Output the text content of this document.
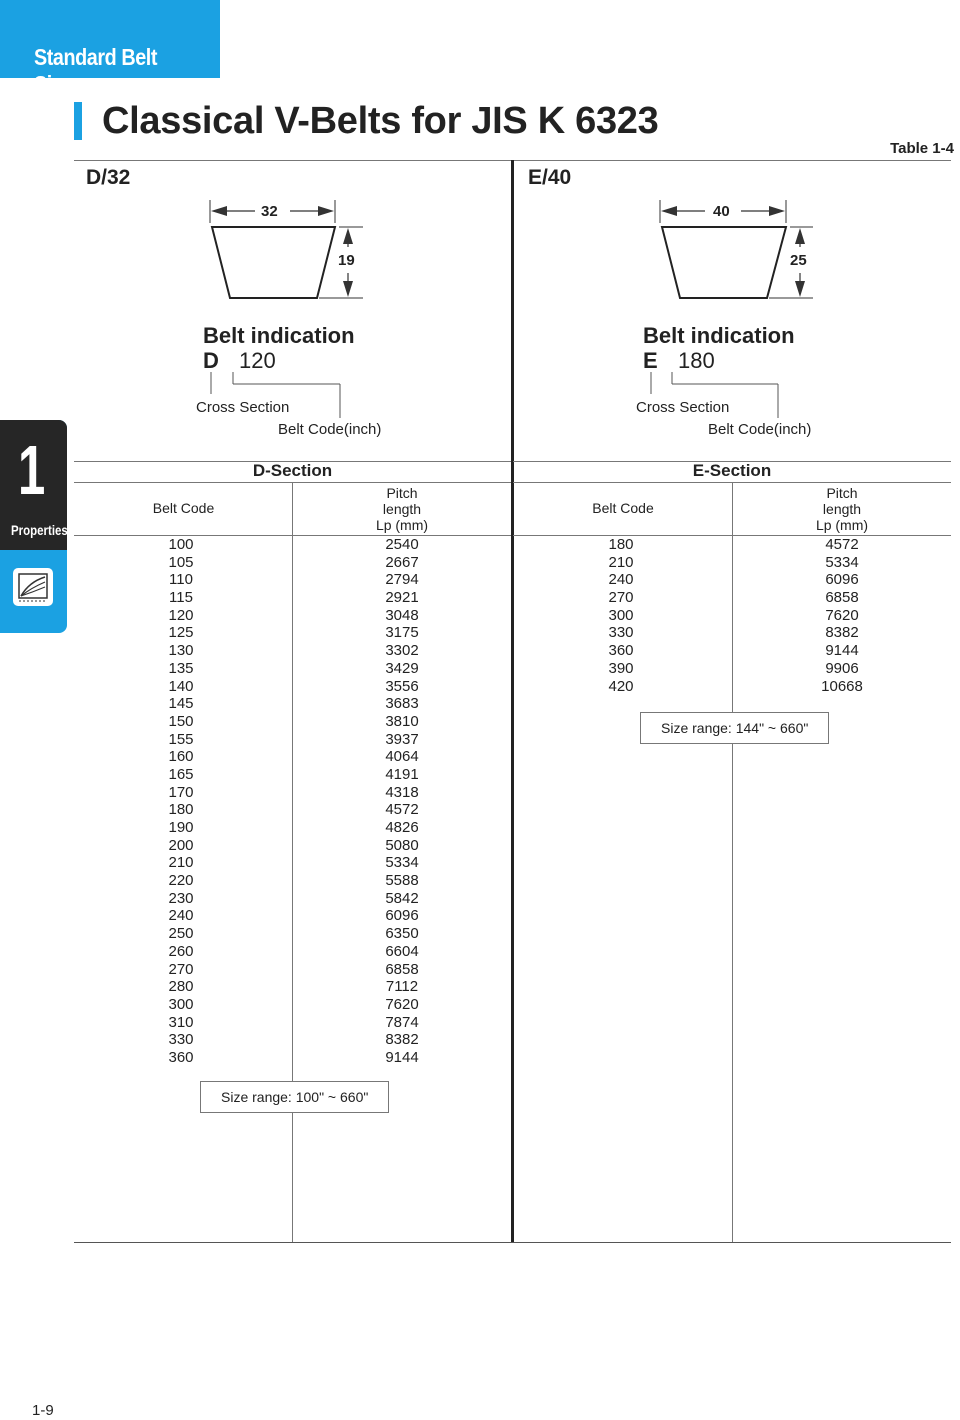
Standard Belt Sizes
Classical V-Belts for JIS K 6323
Table 1-4
1
Properties
D/32
32
19
Belt indication
D 120
Cross Section
Belt Code(inch)
D-Section
Belt Code
Pitch
length
Lp (mm)
100
105
110
115
120
125
130
135
140
145
150
155
160
165
170
180
190
200
210
220
230
240
250
260
270
280
300
310
330
360
2540
2667
2794
2921
3048
3175
3302
3429
3556
3683
3810
3937
4064
4191
4318
4572
4826
5080
5334
5588
5842
6096
6350
6604
6858
7112
7620
7874
8382
9144
Size range: 100" ~ 660"
E/40
40
25
Belt indication
E 180
Cross Section
Belt Code(inch)
E-Section
Belt Code
Pitch
length
Lp (mm)
180
210
240
270
300
330
360
390
420
4572
5334
6096
6858
7620
8382
9144
9906
10668
Size range: 144" ~ 660"
1-9
